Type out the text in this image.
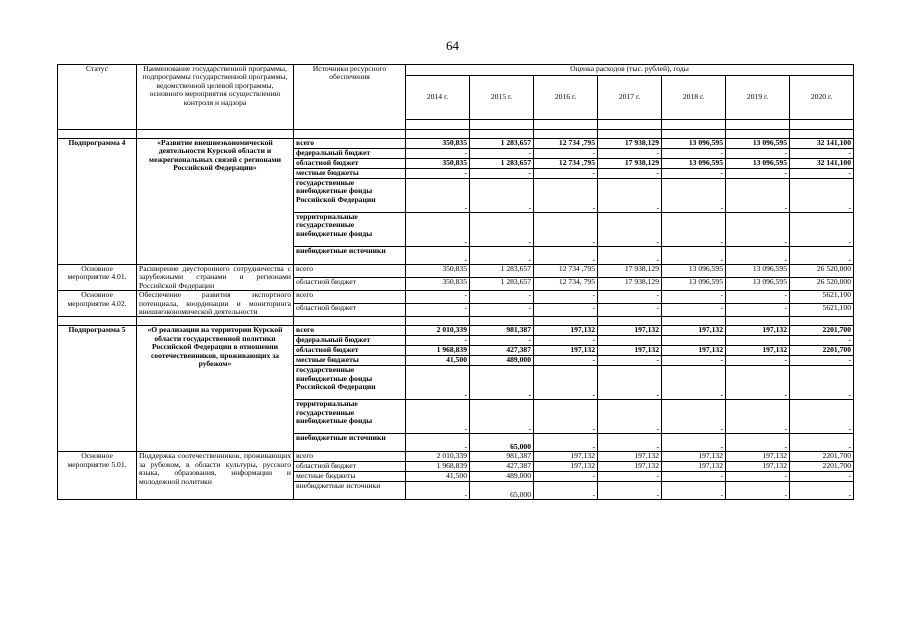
64
Статус	Наименование государственной программы, подпрограммы государственной программы, ведомственной целевой программы, основного мероприятия осуществлению контроля и надзора	Источники ресурсного обеспечения	Оценка расходов (тыс. рублей), годы						
			2014 г.	2015 г.	2016 г.	2017 г.	2018 г.	2019 г.	2020 г.

Подпрограмма 4	«Развитие внешнеэкономической деятельности Курской области и межрегиональных связей с регионами Российской Федерации»	всего	350,835	1 283,657	12 734 ,795	17 938,129	13 096,595	13 096,595	32 141,100
		федеральный бюджет	-	-	-	-	-	-	-
		областной бюджет	350,835	1 283,657	12 734 ,795	17 938,129	13 096,595	13 096,595	32 141,100
		местные бюджеты	-	-	-	-	-	-	-
		государственные внебюджетные фонды Российской Федерации	-	-	-	-	-	-	-
		территориальные государственные внебюджетные фонды	-	-	-	-	-	-	-
		внебюджетные источники	-	-	-	-	-	-	-
Основное мероприятие 4.01.	Расширение двустороннего сотрудничества с зарубежными странами и регионами Российской Федерации	всего	350,835	1 283,657	12 734 ,795	17 938,129	13 096,595	13 096,595	26 520,000
		областной бюджет	350,835	1 283,657	12 734, 795	17 938,129	13 096,595	13 096,595	26 520,000
Основное мероприятие 4.02.	Обеспечение развития экспортного потенциала, координации и мониторинга внешнеэкономической деятельности	всего	-	-	-	-	-	-	5621,100
		областной бюджет	-	-	-	-	-	-	5621,100

Подпрограмма 5	«О реализации на территории Курской области государственной политики Российской Федерации в отношении соотечественников, проживающих за рубежом»	всего	2 010,339	981,387	197,132	197,132	197,132	197,132	2201,700
		федеральный бюджет	-	-	-				-
		областной бюджет	1 968,839	427,387	197,132	197,132	197,132	197,132	2201,700
		местные бюджеты	41,500	489,000	-	-	-	-	-
		государственные внебюджетные фонды Российской Федерации	-	-	-	-	-	-	-
		территориальные государственные внебюджетные фонды	-	-	-	-	-	-	-
		внебюджетные источники	-	65,000	-	-	-	-	-
Основное мероприятие 5.01.	Поддержка соотечественников, проживающих за рубежом, в области культуры, русского языка, образования, информации и молодежной политики	всего	2 010,339	981,387	197,132	197,132	197,132	197,132	2201,700
		областной бюджет	1 968,839	427,387	197,132	197,132	197,132	197,132	2201,700
		местные бюджеты	41,500	489,000	-	-	-	-	-
		внебюджетные источники	-	65,000	-	-	-	-	-
